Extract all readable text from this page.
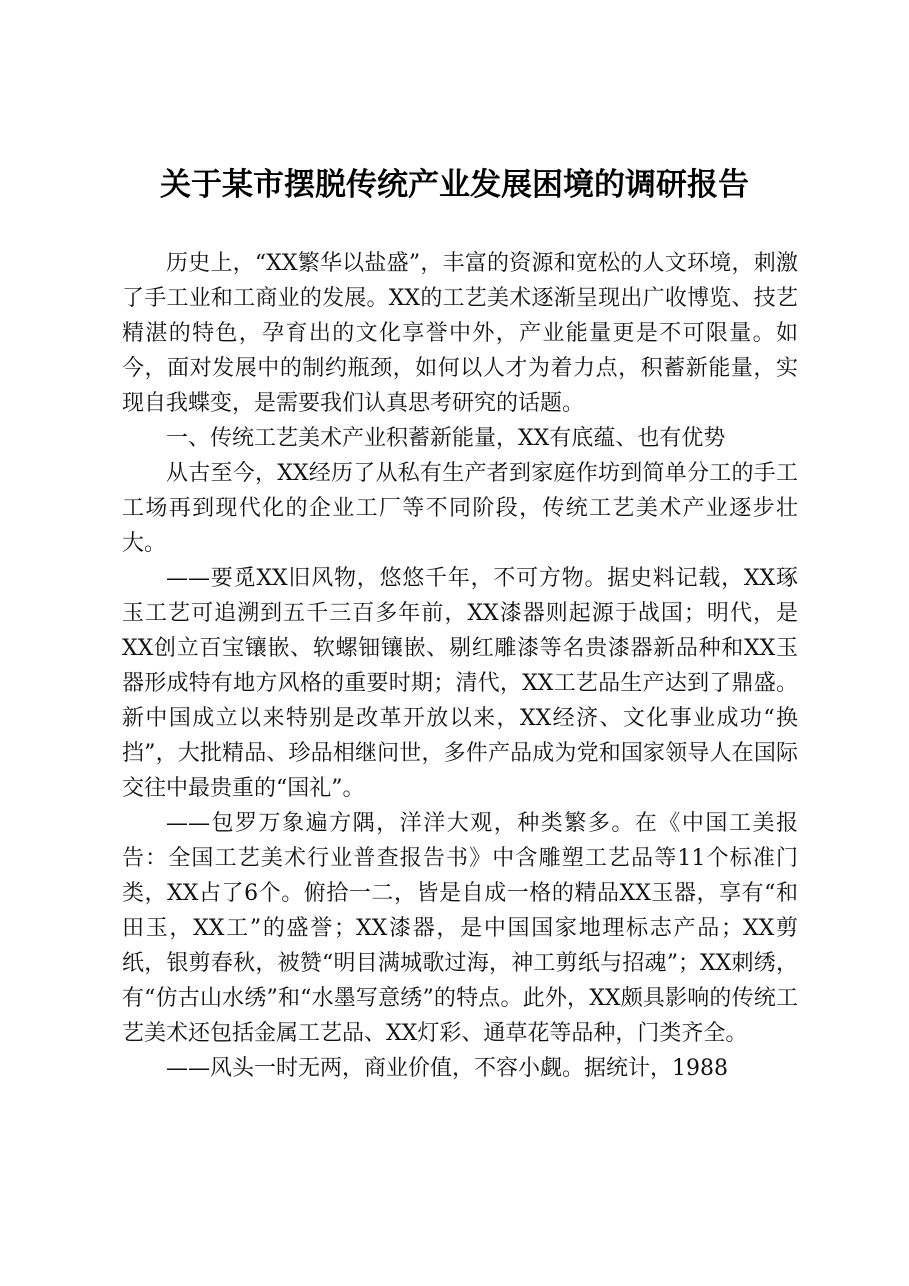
关于某市摆脱传统产业发展困境的调研报告

历史上，“XX繁华以盐盛”，丰富的资源和宽松的人文环境，刺激了手工业和工商业的发展。XX的工艺美术逐渐呈现出广收博览、技艺精湛的特色，孕育出的文化享誉中外，产业能量更是不可限量。如今，面对发展中的制约瓶颈，如何以人才为着力点，积蓄新能量，实现自我蝶变，是需要我们认真思考研究的话题。

一、传统工艺美术产业积蓄新能量，XX有底蕴、也有优势

从古至今，XX经历了从私有生产者到家庭作坊到简单分工的手工工场再到现代化的企业工厂等不同阶段，传统工艺美术产业逐步壮大。

——要觅XX旧风物，悠悠千年，不可方物。据史料记载，XX琢玉工艺可追溯到五千三百多年前，XX漆器则起源于战国；明代，是XX创立百宝镶嵌、软螺钿镶嵌、剔红雕漆等名贵漆器新品种和XX玉器形成特有地方风格的重要时期；清代，XX工艺品生产达到了鼎盛。新中国成立以来特别是改革开放以来，XX经济、文化事业成功“换挡”，大批精品、珍品相继问世，多件产品成为党和国家领导人在国际交往中最贵重的“国礼”。

——包罗万象遍方隅，洋洋大观，种类繁多。在《中国工美报告：全国工艺美术行业普查报告书》中含雕塑工艺品等11个标准门类，XX占了6个。俯拾一二，皆是自成一格的精品XX玉器，享有“和田玉，XX工”的盛誉；XX漆器，是中国国家地理标志产品；XX剪纸，银剪春秋，被赞“明目满城歌过海，神工剪纸与招魂”；XX刺绣，有“仿古山水绣”和“水墨写意绣”的特点。此外，XX颇具影响的传统工艺美术还包括金属工艺品、XX灯彩、通草花等品种，门类齐全。

——风头一时无两，商业价值，不容小觑。据统计，1988
